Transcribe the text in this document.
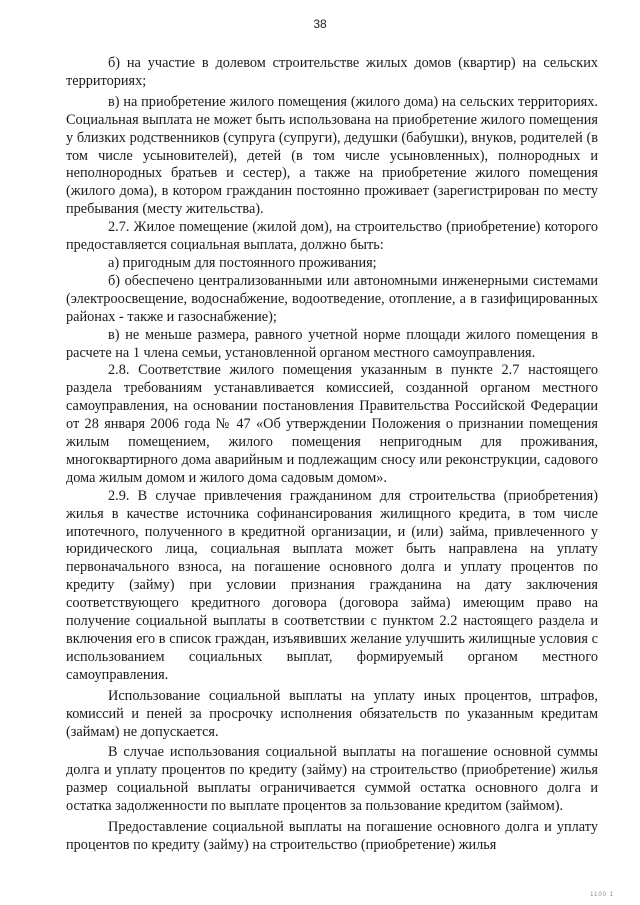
38

б) на участие в долевом строительстве жилых домов (квартир) на сельских территориях;

в) на приобретение жилого помещения (жилого дома) на сельских территориях. Социальная выплата не может быть использована на приобретение жилого помещения у близких родственников (супруга (супруги), дедушки (бабушки), внуков, родителей (в том числе усыновителей), детей (в том числе усыновленных), полнородных и неполнородных братьев и сестер), а также на приобретение жилого помещения (жилого дома), в котором гражданин постоянно проживает (зарегистрирован по месту пребывания (месту жительства).

2.7. Жилое помещение (жилой дом), на строительство (приобретение) которого предоставляется социальная выплата, должно быть:

а) пригодным для постоянного проживания;

б) обеспечено централизованными или автономными инженерными системами (электроосвещение, водоснабжение, водоотведение, отопление, а в газифицированных районах - также и газоснабжение);

в) не меньше размера, равного учетной норме площади жилого помещения в расчете на 1 члена семьи, установленной органом местного самоуправления.

2.8. Соответствие жилого помещения указанным в пункте 2.7 настоящего раздела требованиям устанавливается комиссией, созданной органом местного самоуправления, на основании постановления Правительства Российской Федерации от 28 января 2006 года № 47 «Об утверждении Положения о признании помещения жилым помещением, жилого помещения непригодным для проживания, многоквартирного дома аварийным и подлежащим сносу или реконструкции, садового дома жилым домом и жилого дома садовым домом».

2.9. В случае привлечения гражданином для строительства (приобретения) жилья в качестве источника софинансирования жилищного кредита, в том числе ипотечного, полученного в кредитной организации, и (или) займа, привлеченного у юридического лица, социальная выплата может быть направлена на уплату первоначального взноса, на погашение основного долга и уплату процентов по кредиту (займу) при условии признания гражданина на дату заключения соответствующего кредитного договора (договора займа) имеющим право на получение социальной выплаты в соответствии с пунктом 2.2 настоящего раздела и включения его в список граждан, изъявивших желание улучшить жилищные условия с использованием социальных выплат, формируемый органом местного самоуправления.

Использование социальной выплаты на уплату иных процентов, штрафов, комиссий и пеней за просрочку исполнения обязательств по указанным кредитам (займам) не допускается.

В случае использования социальной выплаты на погашение основной суммы долга и уплату процентов по кредиту (займу) на строительство (приобретение) жилья размер социальной выплаты ограничивается суммой остатка основного долга и остатка задолженности по выплате процентов за пользование кредитом (займом).

Предоставление социальной выплаты на погашение основного долга и уплату процентов по кредиту (займу) на строительство (приобретение) жилья

1100 1
